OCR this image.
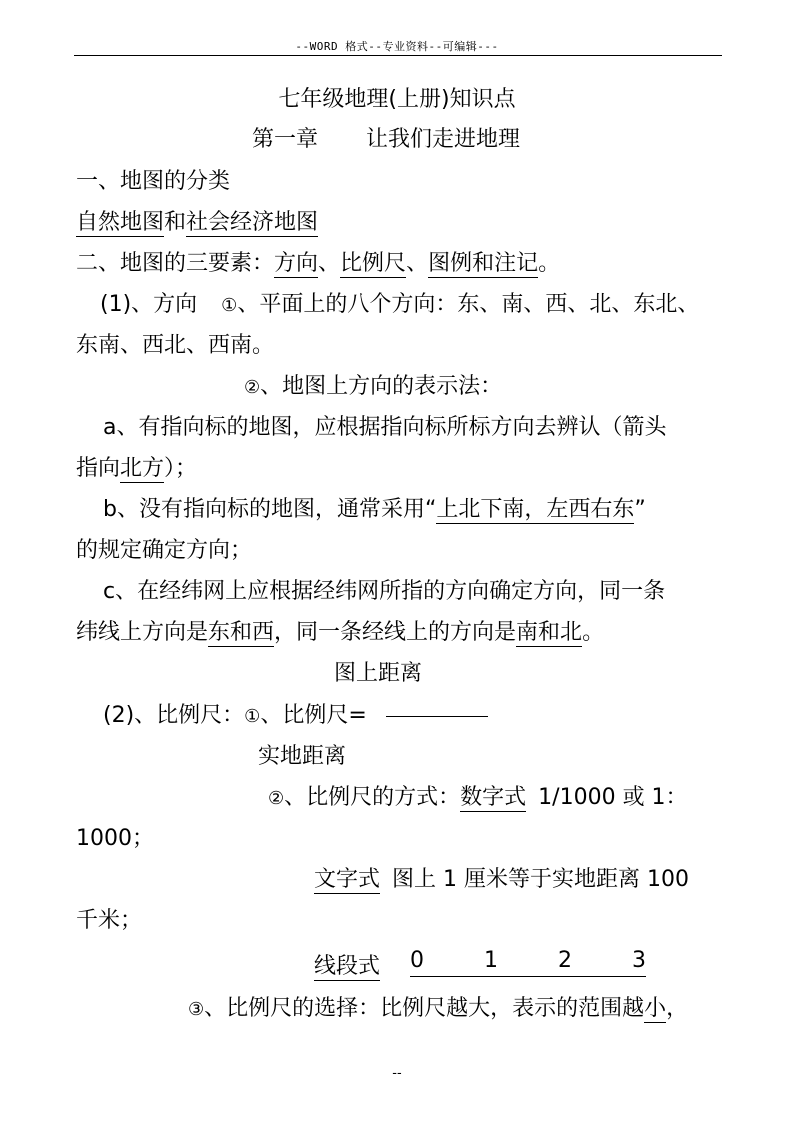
--WORD 格式--专业资料--可编辑---
七年级地理(上册)知识点
第一章 让我们走进地理
一、地图的分类
自然地图和社会经济地图
二、地图的三要素：方向、比例尺、图例和注记。
(1)、方向 ①、平面上的八个方向：东、南、西、北、东北、
东南、西北、西南。
②、地图上方向的表示法：
a、有指向标的地图，应根据指向标所标方向去辨认（箭头
指向北方）；
b、没有指向标的地图，通常采用“上北下南，左西右东”
的规定确定方向；
c、在经纬网上应根据经纬网所指的方向确定方向，同一条
纬线上方向是东和西，同一条经线上的方向是南和北。
图上距离
(2)、比例尺：①、比例尺=
实地距离
②、比例尺的方式：数字式 1/1000 或 1：
1000；
文字式 图上 1 厘米等于实地距离 100
千米；
线段式 0	1	2	3
③、比例尺的选择：比例尺越大，表示的范围越小，
--
